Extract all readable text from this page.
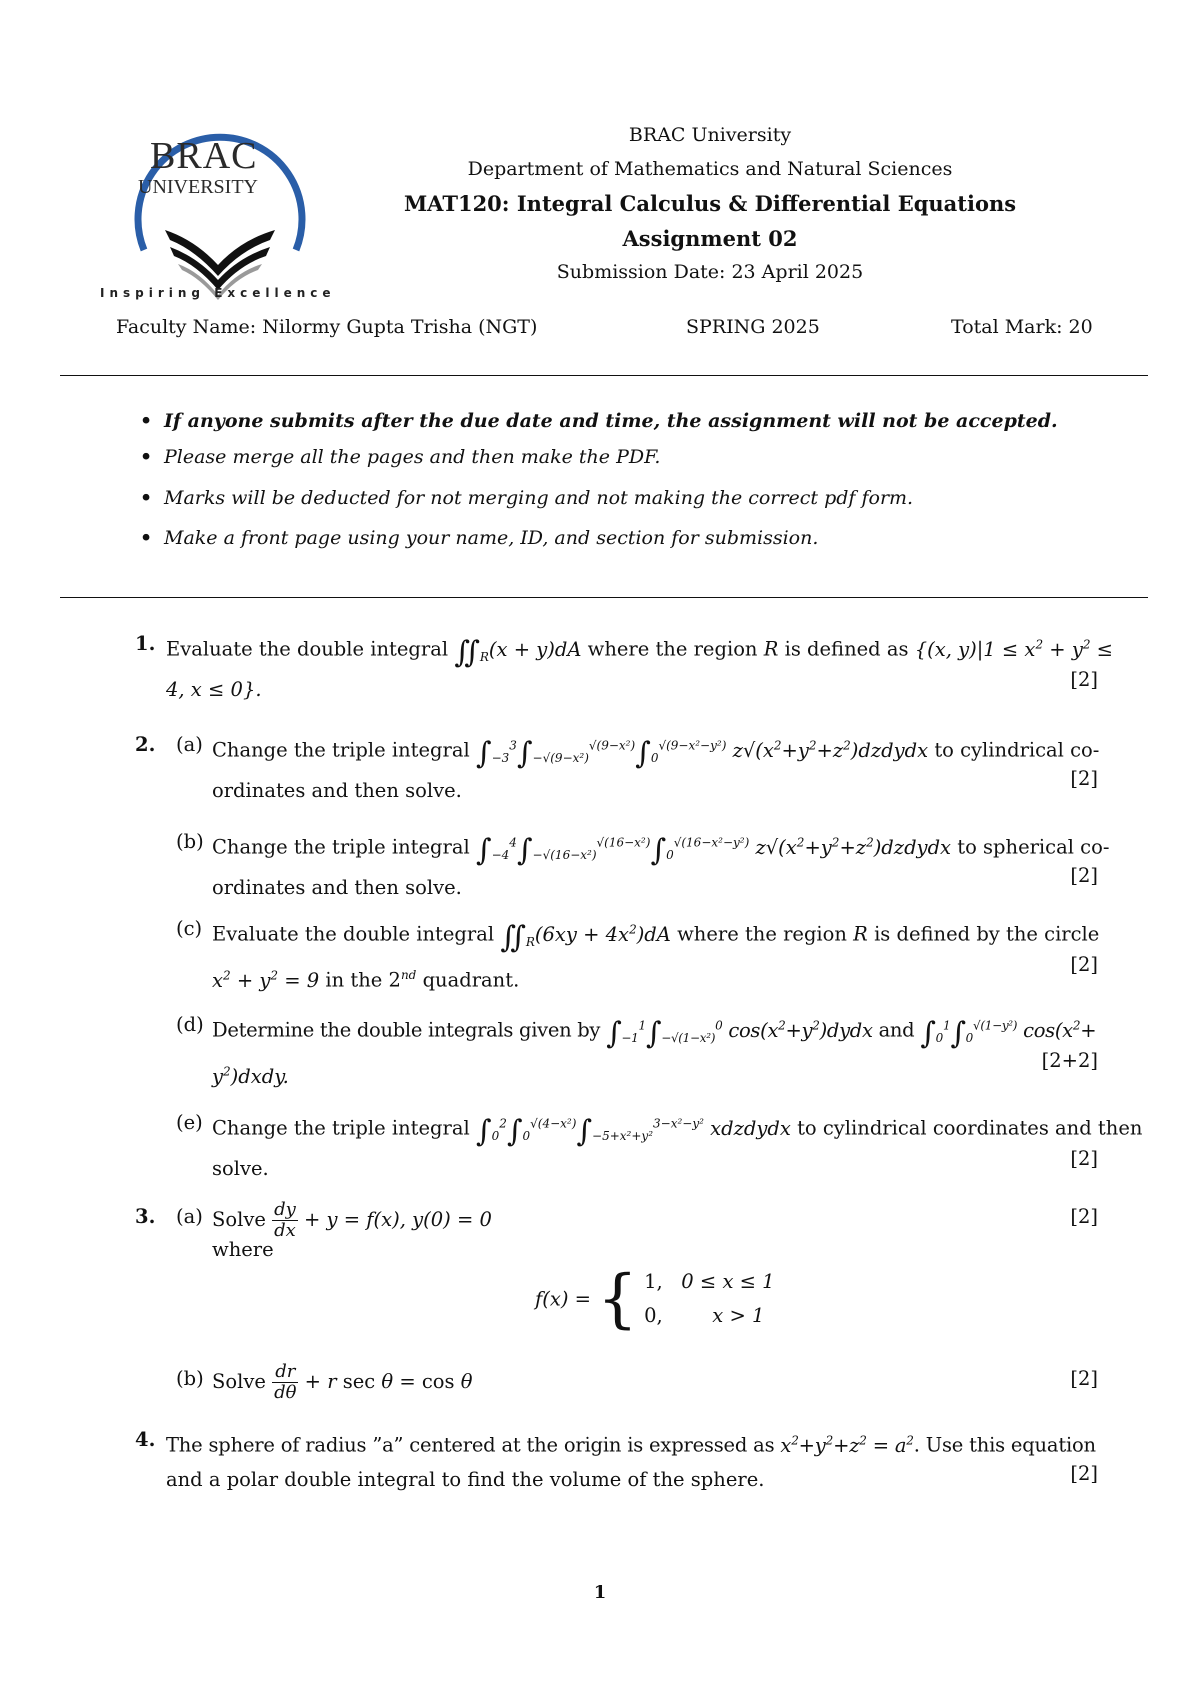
BRAC
UNIVERSITY
Inspiring Excellence
BRAC University
Department of Mathematics and Natural Sciences
MAT120: Integral Calculus & Differential Equations
Assignment 02
Submission Date: 23 April 2025
Faculty Name: Nilormy Gupta Trisha (NGT)	SPRING 2025	Total Mark: 20
• If anyone submits after the due date and time, the assignment will not be accepted.
• Please merge all the pages and then make the PDF.
• Marks will be deducted for not merging and not making the correct pdf form.
• Make a front page using your name, ID, and section for submission.
1. Evaluate the double integral $∬_R(x + y)dA$ where the region R is defined as {(x, $y)|1 \le x^2 + y^2$ ≤
4, x ≤ 0}.	[2]
2. (a) Change the triple integral $\int_{-3}^3\int_{-√(9-x^2)}^{√(9-x^2)}\int_0^{√(9-x^2-y^2)}$ $z√(x^2+y^2+z^2)dzdydx$ to cylindrical co-
ordinates and then solve.
[2]
(b) Change the triple integral $\int_{-4}^4\int_{-√(16-x^2)}^{√(16-x^2)}\int_0^{√(16-x^2-y^2)}$ $z√(x^2+y^2+z^2)dzdydx$ to spherical co-
ordinates and then solve.
[2]
(c) Evaluate the double integral $∬_R(6xy + 4x^2)dA$ where the region R is defined by the circle
$x^2 + y^2 = 9$ in the 2nd quadrant.
[2]
(d) Determine the double integrals given by $\int_{-1}^1\int_{-√(1-x^2)}^0$ $\cos(x^2+y^2)dydx$ and $\int_0^1\int_0^{√(1-y^2)}$ $\cos(x^2+$
$y^2)dxdy$.
[2+2]
(e) Change the triple integral $\int_0^2\int_0^{√(4-x^2)}\int_{-5+x^2+y^2}^{3-x^2-y^2}$ xdzdydx to cylindrical coordinates and then
solve.	[2]
3. (a) Solve $\frac{dy}{dx} + y = f(x)$, y(0) = 0
where
[2]
f(x) = { 1,   0 ≤ x ≤ 1
0,        x > 1
(b) Solve $\frac{dr}{d\theta} + r$ sec θ = cos θ	[2]
4. The sphere of radius ”a” centered at the origin is expressed as $x^2+y^2+z^2 = a^2$. Use this equation
and a polar double integral to find the volume of the sphere.	[2]
1
